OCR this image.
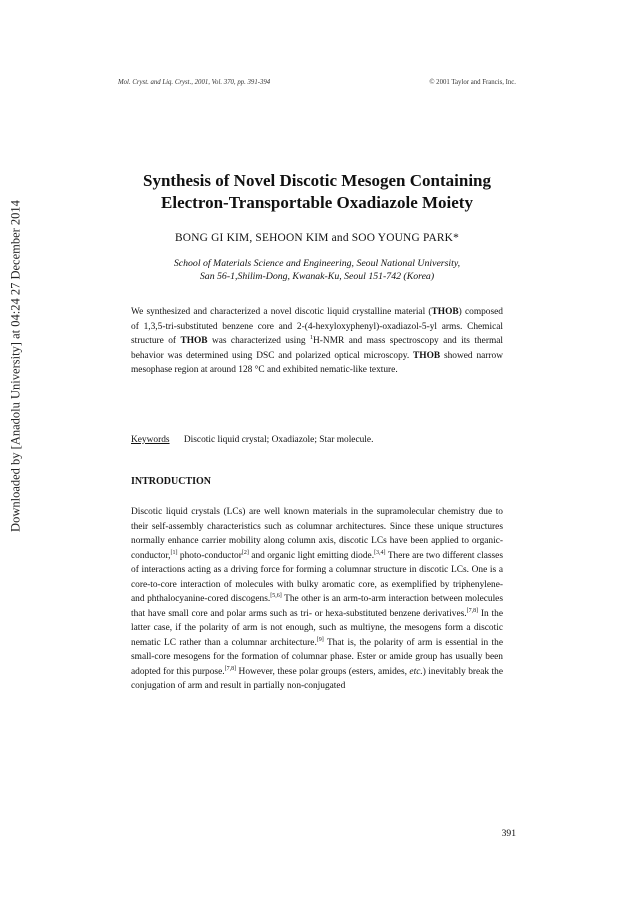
Downloaded by [Anadolu University] at 04:24 27 December 2014
Mol. Cryst. and Liq. Cryst., 2001, Vol. 370, pp. 391-394	© 2001 Taylor and Francis, Inc.
Synthesis of Novel Discotic Mesogen Containing
Electron-Transportable Oxadiazole Moiety
BONG GI KIM, SEHOON KIM and SOO YOUNG PARK*
School of Materials Science and Engineering, Seoul National University,
San 56-1,Shilim-Dong, Kwanak-Ku, Seoul 151-742 (Korea)

We synthesized and characterized a novel discotic liquid crystalline material (THOB) composed of 1,3,5-tri-substituted benzene core and 2-(4-hexyloxyphenyl)-oxadiazol-5-yl arms. Chemical structure of THOB was characterized using $^1$H-NMR and mass spectroscopy and its thermal behavior was determined using DSC and polarized optical microscopy. THOB showed narrow mesophase region at around 128 °C and exhibited nematic-like texture.

Keywords Discotic liquid crystal; Oxadiazole; Star molecule.
INTRODUCTION

Discotic liquid crystals (LCs) are well known materials in the supramolecular chemistry due to their self-assembly characteristics such as columnar architectures. Since these unique structures normally enhance carrier mobility along column axis, discotic LCs have been applied to organic-conductor,[1] photo-conductor[2] and organic light emitting diode.[3,4] There are two different classes of interactions acting as a driving force for forming a columnar structure in discotic LCs. One is a core-to-core interaction of molecules with bulky aromatic core, as exemplified by triphenylene- and phthalocyanine-cored discogens.[5,6] The other is an arm-to-arm interaction between molecules that have small core and polar arms such as tri- or hexa-substituted benzene derivatives.[7,8] In the latter case, if the polarity of arm is not enough, such as multiyne, the mesogens form a discotic nematic LC rather than a columnar architecture.[9] That is, the polarity of arm is essential in the small-core mesogens for the formation of columnar phase. Ester or amide group has usually been adopted for this purpose.[7,8] However, these polar groups (esters, amides, etc.) inevitably break the conjugation of arm and result in partially non-conjugated

391
